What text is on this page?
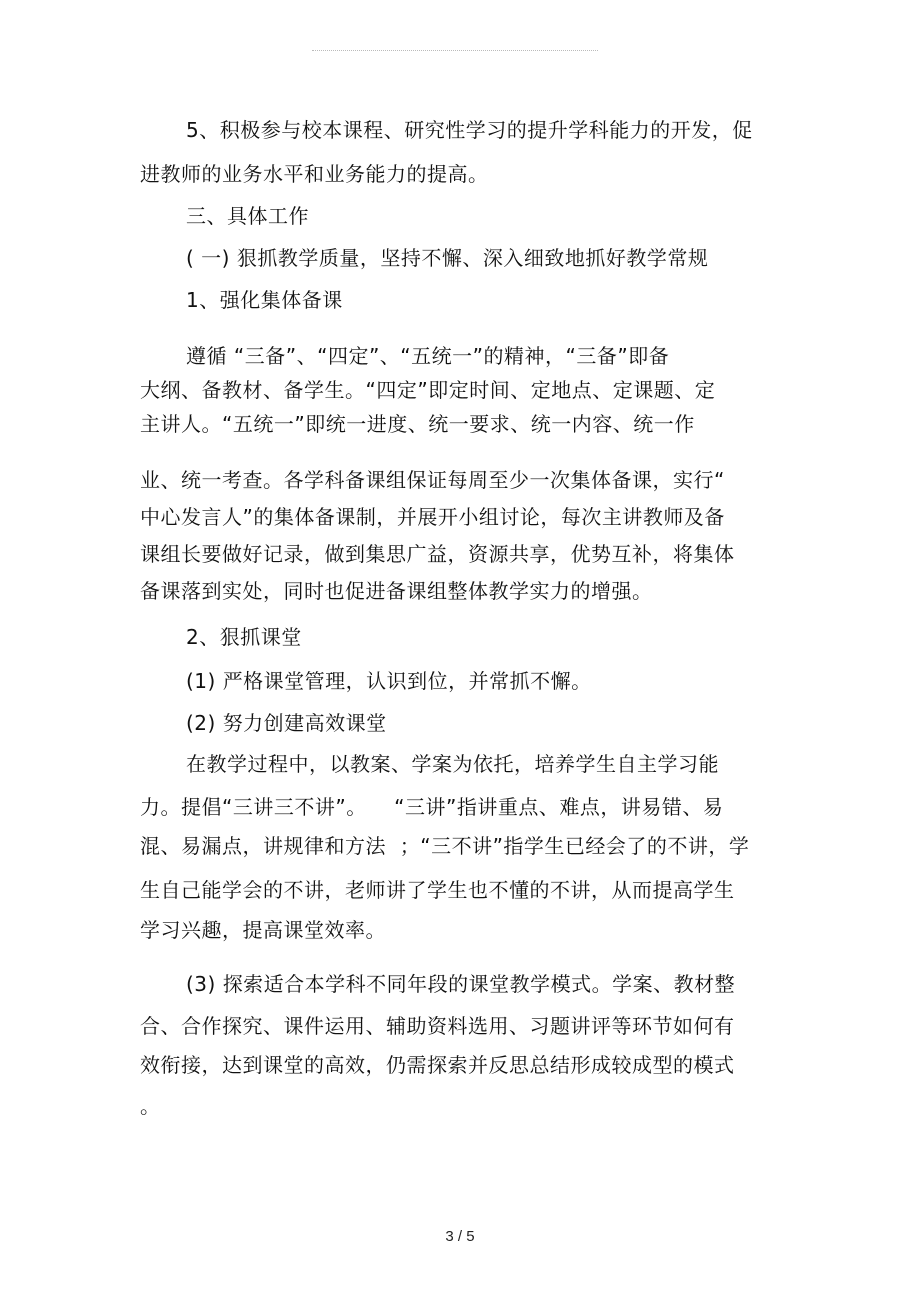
5、积极参与校本课程、研究性学习的提升学科能力的开发，促
进教师的业务水平和业务能力的提高。
三、具体工作
( 一) 狠抓教学质量，坚持不懈、深入细致地抓好教学常规
1、强化集体备课
遵循 “三备”、“四定”、“五统一”的精神，“三备”即备
大纲、备教材、备学生。“四定”即定时间、定地点、定课题、定
主讲人。“五统一”即统一进度、统一要求、统一内容、统一作
业、统一考查。各学科备课组保证每周至少一次集体备课，实行“
中心发言人”的集体备课制，并展开小组讨论，每次主讲教师及备
课组长要做好记录，做到集思广益，资源共享，优势互补，将集体
备课落到实处，同时也促进备课组整体教学实力的增强。
2、狠抓课堂
(1) 严格课堂管理，认识到位，并常抓不懈。
(2) 努力创建高效课堂
在教学过程中，以教案、学案为依托，培养学生自主学习能
力。提倡“三讲三不讲”。    “三讲”指讲重点、难点，讲易错、易
混、易漏点，讲规律和方法  ；“三不讲”指学生已经会了的不讲，学
生自己能学会的不讲，老师讲了学生也不懂的不讲，从而提高学生
学习兴趣，提高课堂效率。
(3) 探索适合本学科不同年段的课堂教学模式。学案、教材整
合、合作探究、课件运用、辅助资料选用、习题讲评等环节如何有
效衔接，达到课堂的高效，仍需探索并反思总结形成较成型的模式
。
3 / 5
